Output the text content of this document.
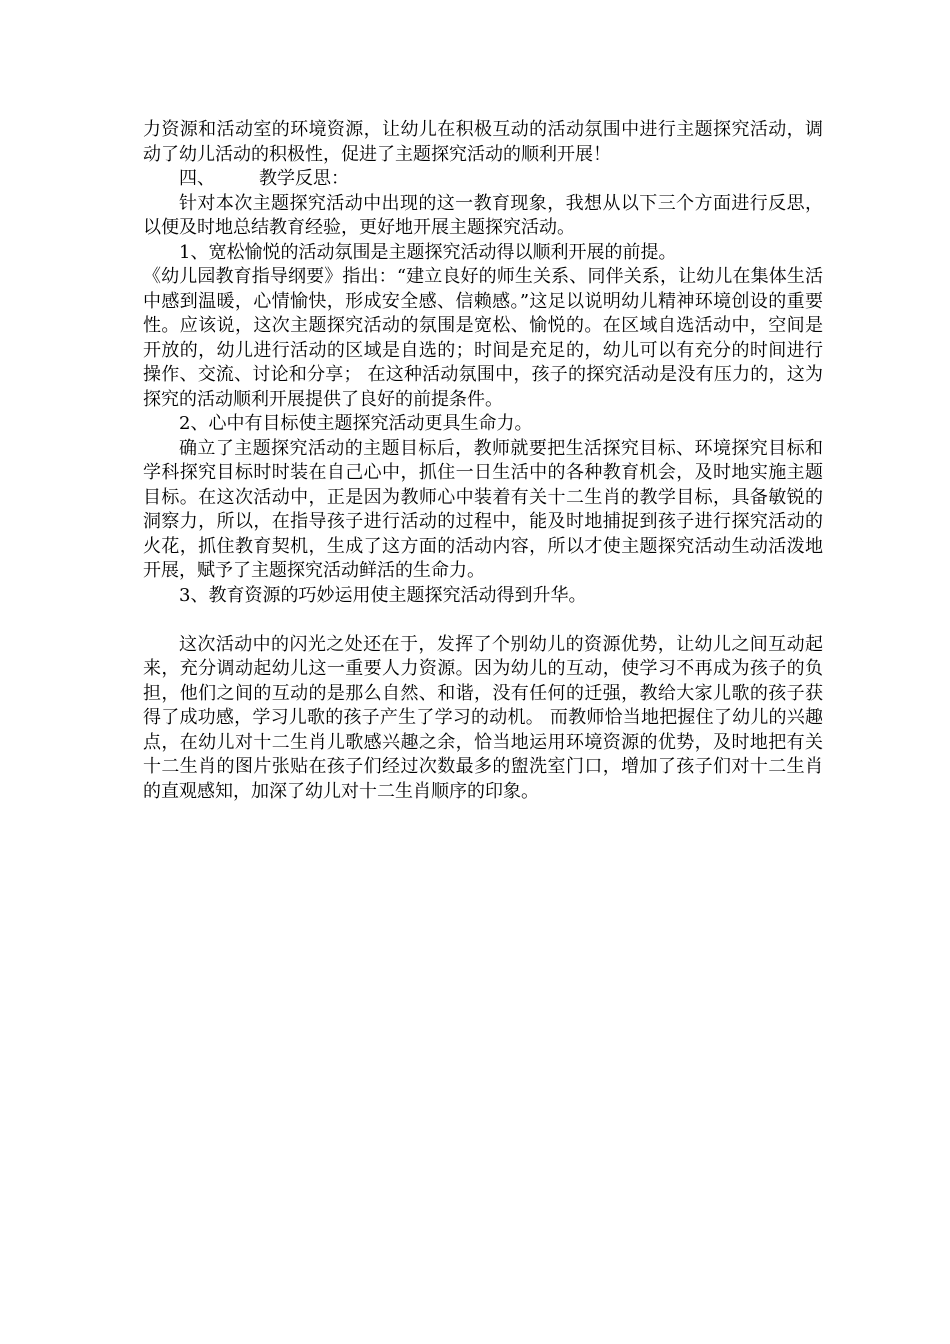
力资源和活动室的环境资源，让幼儿在积极互动的活动氛围中进行主题探究活动，调动了幼儿活动的积极性，促进了主题探究活动的顺利开展！

四、 教学反思：

针对本次主题探究活动中出现的这一教育现象，我想从以下三个方面进行反思，以便及时地总结教育经验，更好地开展主题探究活动。

1、宽松愉悦的活动氛围是主题探究活动得以顺利开展的前提。

《幼儿园教育指导纲要》指出：“建立良好的师生关系、同伴关系，让幼儿在集体生活中感到温暖，心情愉快，形成安全感、信赖感。”这足以说明幼儿精神环境创设的重要性。应该说，这次主题探究活动的氛围是宽松、愉悦的。在区域自选活动中，空间是开放的，幼儿进行活动的区域是自选的；时间是充足的，幼儿可以有充分的时间进行操作、交流、讨论和分享； 在这种活动氛围中，孩子的探究活动是没有压力的，这为探究的活动顺利开展提供了良好的前提条件。

2、心中有目标使主题探究活动更具生命力。

确立了主题探究活动的主题目标后，教师就要把生活探究目标、环境探究目标和学科探究目标时时装在自己心中，抓住一日生活中的各种教育机会，及时地实施主题目标。在这次活动中，正是因为教师心中装着有关十二生肖的教学目标，具备敏锐的洞察力，所以，在指导孩子进行活动的过程中，能及时地捕捉到孩子进行探究活动的火花，抓住教育契机，生成了这方面的活动内容，所以才使主题探究活动生动活泼地开展，赋予了主题探究活动鲜活的生命力。

3、教育资源的巧妙运用使主题探究活动得到升华。

这次活动中的闪光之处还在于，发挥了个别幼儿的资源优势，让幼儿之间互动起来，充分调动起幼儿这一重要人力资源。因为幼儿的互动，使学习不再成为孩子的负担，他们之间的互动的是那么自然、和谐，没有任何的迁强，教给大家儿歌的孩子获得了成功感，学习儿歌的孩子产生了学习的动机。 而教师恰当地把握住了幼儿的兴趣点，在幼儿对十二生肖儿歌感兴趣之余，恰当地运用环境资源的优势，及时地把有关十二生肖的图片张贴在孩子们经过次数最多的盥洗室门口，增加了孩子们对十二生肖的直观感知，加深了幼儿对十二生肖顺序的印象。
